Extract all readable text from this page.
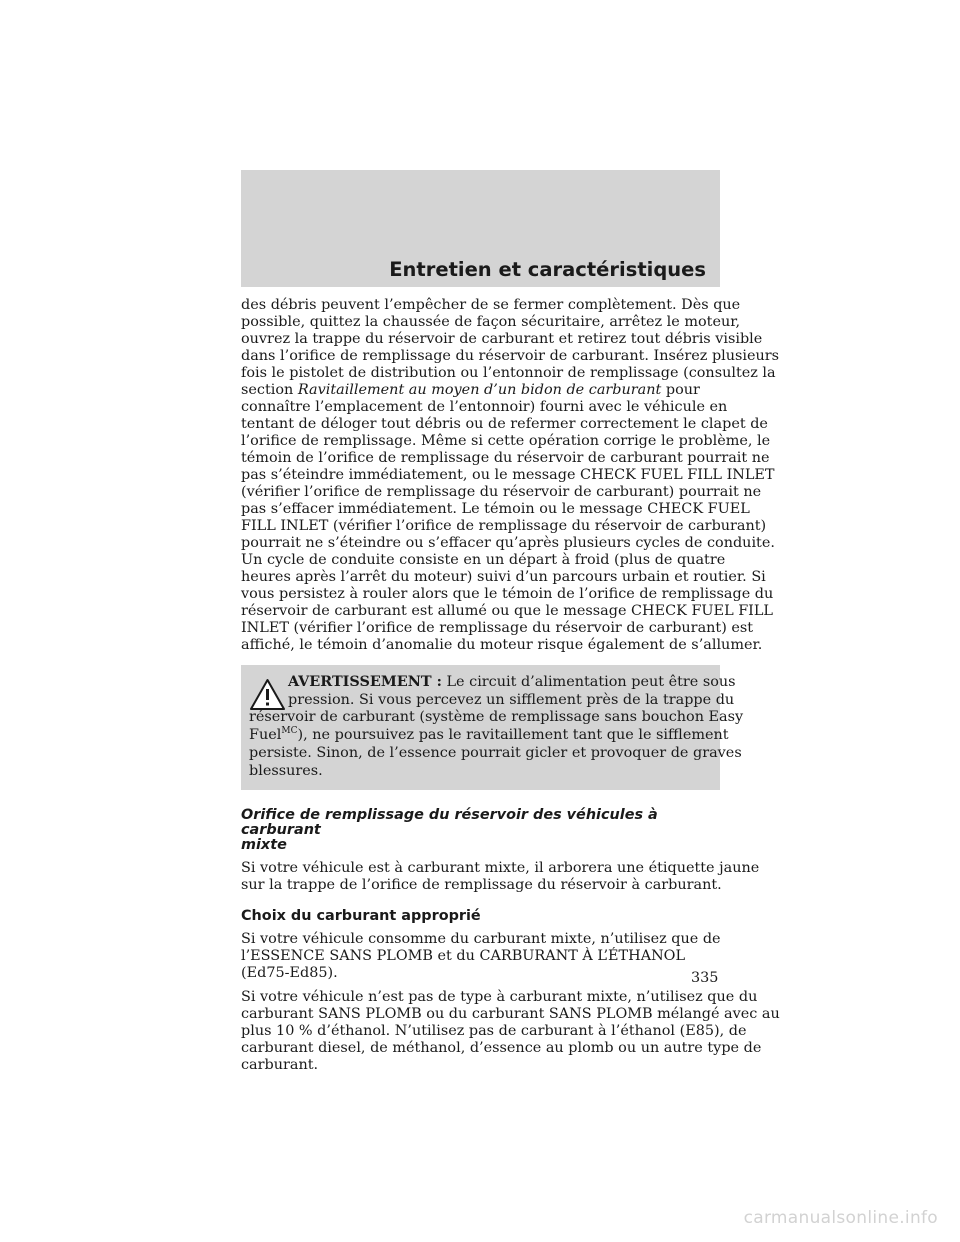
Entretien et caractéristiques

des débris peuvent l’empêcher de se fermer complètement. Dès que
possible, quittez la chaussée de façon sécuritaire, arrêtez le moteur,
ouvrez la trappe du réservoir de carburant et retirez tout débris visible
dans l’orifice de remplissage du réservoir de carburant. Insérez plusieurs
fois le pistolet de distribution ou l’entonnoir de remplissage (consultez la
section Ravitaillement au moyen d’un bidon de carburant pour
connaître l’emplacement de l’entonnoir) fourni avec le véhicule en
tentant de déloger tout débris ou de refermer correctement le clapet de
l’orifice de remplissage. Même si cette opération corrige le problème, le
témoin de l’orifice de remplissage du réservoir de carburant pourrait ne
pas s’éteindre immédiatement, ou le message CHECK FUEL FILL INLET
(vérifier l’orifice de remplissage du réservoir de carburant) pourrait ne
pas s’effacer immédiatement. Le témoin ou le message CHECK FUEL
FILL INLET (vérifier l’orifice de remplissage du réservoir de carburant)
pourrait ne s’éteindre ou s’effacer qu’après plusieurs cycles de conduite.
Un cycle de conduite consiste en un départ à froid (plus de quatre
heures après l’arrêt du moteur) suivi d’un parcours urbain et routier. Si
vous persistez à rouler alors que le témoin de l’orifice de remplissage du
réservoir de carburant est allumé ou que le message CHECK FUEL FILL
INLET (vérifier l’orifice de remplissage du réservoir de carburant) est
affiché, le témoin d’anomalie du moteur risque également de s’allumer.

AVERTISSEMENT : Le circuit d’alimentation peut être sous
pression. Si vous percevez un sifflement près de la trappe du
réservoir de carburant (système de remplissage sans bouchon Easy
Fuel$^{MC}$), ne poursuivez pas le ravitaillement tant que le sifflement
persiste. Sinon, de l’essence pourrait gicler et provoquer de graves
blessures.
Orifice de remplissage du réservoir des véhicules à carburant
mixte

Si votre véhicule est à carburant mixte, il arborera une étiquette jaune
sur la trappe de l’orifice de remplissage du réservoir à carburant.

Choix du carburant approprié

Si votre véhicule consomme du carburant mixte, n’utilisez que de
l’ESSENCE SANS PLOMB et du CARBURANT À L’ÉTHANOL
(Ed75-Ed85).

Si votre véhicule n’est pas de type à carburant mixte, n’utilisez que du
carburant SANS PLOMB ou du carburant SANS PLOMB mélangé avec au
plus 10 % d’éthanol. N’utilisez pas de carburant à l’éthanol (E85), de
carburant diesel, de méthanol, d’essence au plomb ou un autre type de
carburant.

335
carmanualsonline.info
